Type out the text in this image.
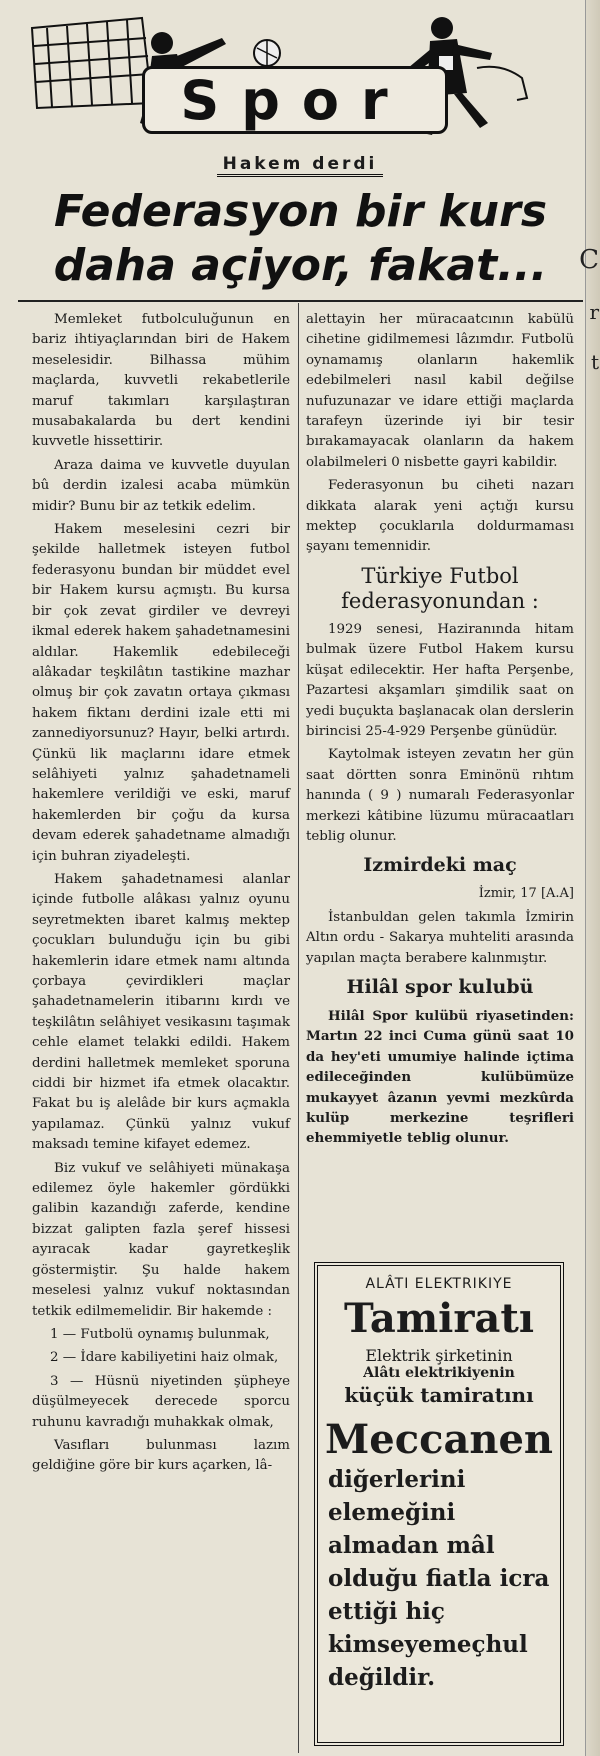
C
r
t
Spor
Hakem derdi
Federasyon bir kurs
daha açiyor, fakat...

Memleket futbolculuğunun en bariz ihtiyaçlarından biri de Hakem meselesidir. Bilhassa mühim maçlarda, kuvvetli rekabetlerile maruf takımları karşılaştıran musabakalarda bu dert kendini kuvvetle hissettirir.

Araza daima ve kuvvetle duyulan bû derdin izalesi acaba mümkün midir? Bunu bir az tetkik edelim.

Hakem meselesini cezri bir şekilde halletmek isteyen futbol federasyonu bundan bir müddet evel bir Hakem kursu açmıştı. Bu kursa bir çok zevat girdiler ve devreyi ikmal ederek hakem şahadetnamesini aldılar. Hakemlik edebileceği alâkadar teşkilâtın tastikine mazhar olmuş bir çok zavatın ortaya çıkması hakem fiktanı derdini izale etti mi zannediyorsunuz? Hayır, belki artırdı. Çünkü lik maçlarını idare etmek selâhiyeti yalnız şahadetnameli hakemlere verildiği ve eski, maruf hakemlerden bir çoğu da kursa devam ederek şahadetname almadığı için buhran ziyadeleşti.

Hakem şahadetnamesi alanlar içinde futbolle alâkası yalnız oyunu seyretmekten ibaret kalmış mektep çocukları bulunduğu için bu gibi hakemlerin idare etmek namı altında çorbaya çevirdikleri maçlar şahadetnamelerin itibarını kırdı ve teşkilâtın selâhiyet vesikasını taşımak cehle elamet telakki edildi. Hakem derdini halletmek memleket sporuna ciddi bir hizmet ifa etmek olacaktır. Fakat bu iş alelâde bir kurs açmakla yapılamaz. Çünkü yalnız vukuf maksadı temine kifayet edemez.

Biz vukuf ve selâhiyeti münakaşa edilemez öyle hakemler gördükki galibin kazandığı zaferde, kendine bizzat galipten fazla şeref hissesi ayıracak kadar gayretkeşlik göstermiştir. Şu halde hakem meselesi yalnız vukuf noktasından tetkik edilmemelidir. Bir hakemde :

1 — Futbolü oynamış bulunmak,

2 — İdare kabiliyetini haiz olmak,

3 — Hüsnü niyetinden şüpheye düşülmeyecek derecede sporcu ruhunu kavradığı muhakkak olmak,

Vasıfları bulunması lazım geldiğine göre bir kurs açarken, lâ-

alettayin her müracaatcının kabülü cihetine gidilmemesi lâzımdır. Futbolü oynamamış olanların hakemlik edebilmeleri nasıl kabil değilse nufuzunazar ve idare ettiği maçlarda tarafeyn üzerinde iyi bir tesir bırakamayacak olanların da hakem olabilmeleri 0 nisbette gayri kabildir.

Federasyonun bu ciheti nazarı dikkata alarak yeni açtığı kursu mektep çocuklarıla doldurmaması şayanı temennidir.

Türkiye Futbol federasyonundan :

1929 senesi, Haziranında hitam bulmak üzere Futbol Hakem kursu küşat edilecektir. Her hafta Perşenbe, Pazartesi akşamları şimdilik saat on yedi buçukta başlanacak olan derslerin birincisi 25-4-929 Perşenbe günüdür.

Kaytolmak isteyen zevatın her gün saat dörtten sonra Eminönü rıhtım hanında ( 9 ) numaralı Federasyonlar merkezi kâtibine lüzumu müracaatları teblig olunur.

Izmirdeki maç

İzmir, 17 [A.A]

İstanbuldan gelen takımla İzmirin Altın ordu - Sakarya muhteliti arasında yapılan maçta berabere kalınmıştır.

Hilâl spor kulubü

Hilâl Spor kulübü riyasetinden: Martın 22 inci Cuma günü saat 10 da hey'eti umumiye halinde içtima edileceğinden kulübümüze mukayyet âzanın yevmi mezkûrda kulüp merkezine teşrifleri ehemmiyetle teblig olunur.

ALÂTI ELEKTRIKIYE
Tamiratı
Elektrik şirketinin
Alâtı elektrikiyenin
küçük tamiratını
Meccanen
diğerlerini elemeğini almadan mâl olduğu fiatla icra ettiği hiç kimseyemeçhul değildir.
